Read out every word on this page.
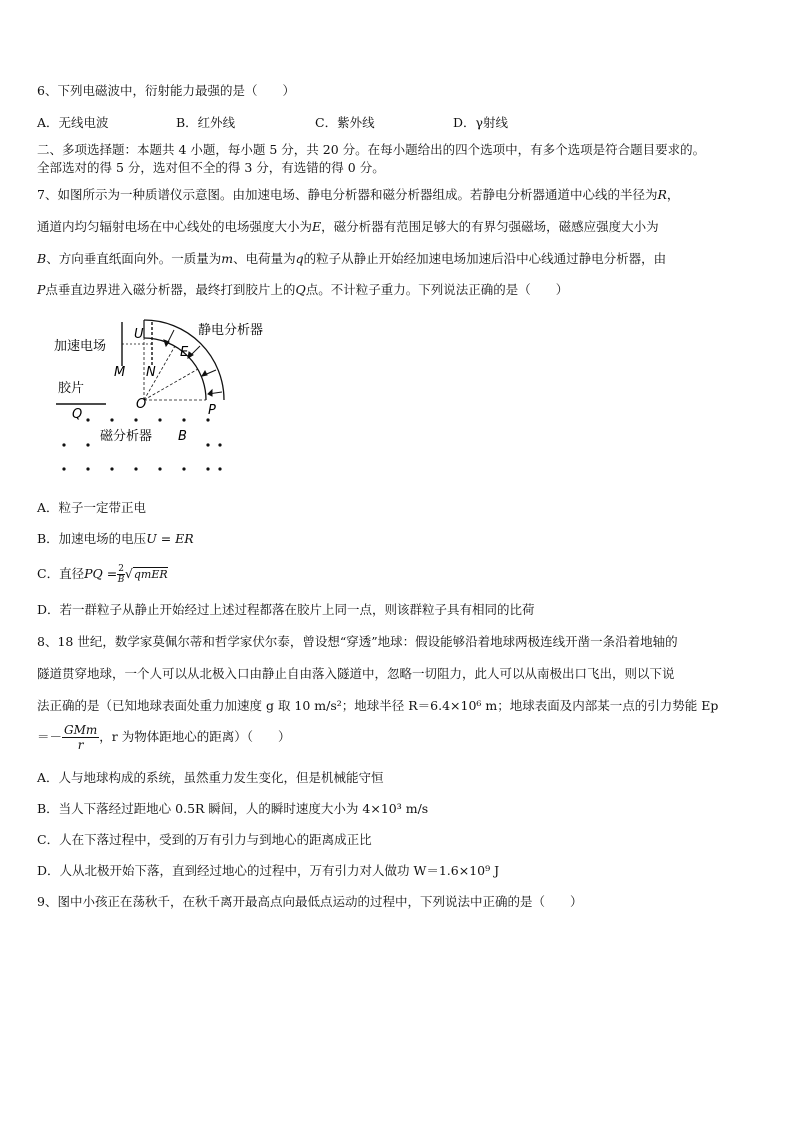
6、下列电磁波中，衍射能力最强的是（　　）
A．无线电波	B．红外线	C．紫外线	D．γ射线
二、多项选择题：本题共 4 小题，每小题 5 分，共 20 分。在每小题给出的四个选项中，有多个选项是符合题目要求的。
全部选对的得 5 分，选对但不全的得 3 分，有选错的得 0 分。
7、如图所示为一种质谱仪示意图。由加速电场、静电分析器和磁分析器组成。若静电分析器通道中心线的半径为R，
通道内均匀辐射电场在中心线处的电场强度大小为E，磁分析器有范围足够大的有界匀强磁场，磁感应强度大小为
B、方向垂直纸面向外。一质量为m、电荷量为q的粒子从静止开始经加速电场加速后沿中心线通过静电分析器，由
P点垂直边界进入磁分析器，最终打到胶片上的Q点。不计粒子重力。下列说法正确的是（　　）
加速电场
静电分析器
胶片
磁分析器
U
E
M N
O	P
Q
B
A．粒子一定带正电
B．加速电场的电压U = ER
C．直径PQ = $\frac{2}{B}√qmER$
D．若一群粒子从静止开始经过上述过程都落在胶片上同一点，则该群粒子具有相同的比荷
8、18 世纪，数学家莫佩尔蒂和哲学家伏尔泰，曾设想“穿透”地球：假设能够沿着地球两极连线开凿一条沿着地轴的
隧道贯穿地球，一个人可以从北极入口由静止自由落入隧道中，忽略一切阻力，此人可以从南极出口飞出，则以下说
法正确的是（已知地球表面处重力加速度 g 取 10 m/s²；地球半径 R＝6.4×10⁶ m；地球表面及内部某一点的引力势能 Ep
＝－ $\frac{\text{GMm}}{r}$ ，r 为物体距地心的距离）（　　）
A．人与地球构成的系统，虽然重力发生变化，但是机械能守恒
B．当人下落经过距地心 0.5R 瞬间，人的瞬时速度大小为 4×10³ m/s
C．人在下落过程中，受到的万有引力与到地心的距离成正比
D．人从北极开始下落，直到经过地心的过程中，万有引力对人做功 W＝1.6×10⁹ J
9、图中小孩正在荡秋千，在秋千离开最高点向最低点运动的过程中，下列说法中正确的是（　　）
